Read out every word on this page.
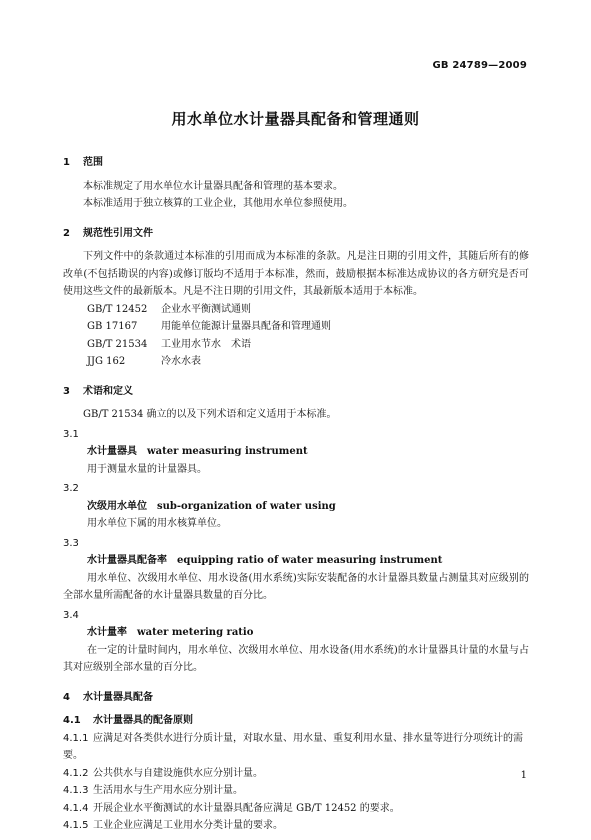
GB 24789—2009
用水单位水计量器具配备和管理通则
1 范围

本标准规定了用水单位水计量器具配备和管理的基本要求。

本标准适用于独立核算的工业企业，其他用水单位参照使用。

2 规范性引用文件

下列文件中的条款通过本标准的引用而成为本标准的条款。凡是注日期的引用文件，其随后所有的修改单(不包括勘误的内容)或修订版均不适用于本标准，然而，鼓励根据本标准达成协议的各方研究是否可使用这些文件的最新版本。凡是不注日期的引用文件，其最新版本适用于本标准。

GB/T 12452　 企业水平衡测试通则

GB 17167　 用能单位能源计量器具配备和管理通则

GB/T 21534　 工业用水节水　术语

JJG 162　	冷水水表

3 术语和定义

GB/T 21534 确立的以及下列术语和定义适用于本标准。

3.1

水计量器具 water measuring instrument

用于测量水量的计量器具。

3.2

次级用水单位 sub-organization of water using

用水单位下属的用水核算单位。

3.3

水计量器具配备率 equipping ratio of water measuring instrument

用水单位、次级用水单位、用水设备(用水系统)实际安装配备的水计量器具数量占测量其对应级别的全部水量所需配备的水计量器具数量的百分比。

3.4

水计量率 water metering ratio

在一定的计量时间内，用水单位、次级用水单位、用水设备(用水系统)的水计量器具计量的水量与占其对应级别全部水量的百分比。

4 水计量器具配备

4.1 水计量器具的配备原则

4.1.1 应满足对各类供水进行分质计量，对取水量、用水量、重复利用水量、排水量等进行分项统计的需要。

4.1.2 公共供水与自建设施供水应分别计量。

4.1.3 生活用水与生产用水应分别计量。

4.1.4 开展企业水平衡测试的水计量器具配备应满足 GB/T 12452 的要求。

4.1.5 工业企业应满足工业用水分类计量的要求。

1
